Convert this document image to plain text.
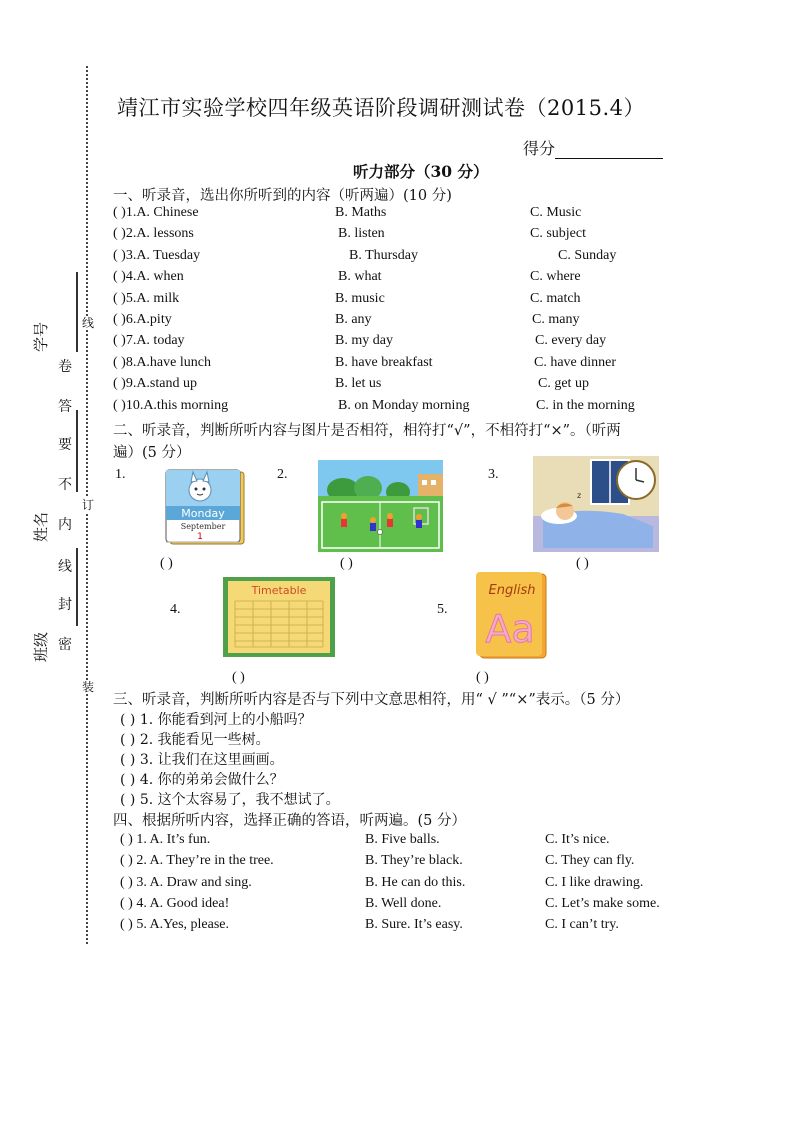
学号
姓名
班级
卷
答
要
不
内
线
封
密
线
订
装
靖江市实验学校四年级英语阶段调研测试卷（2015.4）
得分
听力部分（30 分）
一、听录音，选出你所听到的内容（听两遍）(10 分)
( )1.A. Chinese	B. Maths	C. Music
( )2.A. lessons	B. listen	C. subject
( )3.A. Tuesday	B. Thursday	C. Sunday
( )4.A. when	B. what	C. where
( )5.A. milk	B. music	C. match
( )6.A.pity	B. any	C. many
( )7.A. today	B. my day	C. every day
( )8.A.have lunch	B. have breakfast	C. have dinner
( )9.A.stand up	B. let us	C. get up
( )10.A.this morning	B. on Monday morning	C. in the morning
二、听录音，判断所听内容与图片是否相符，相符打“√”，不相符打“×”。（听两
遍）(5 分）
1.	2.	3.
4.	5.
Monday
September
1
z
( )	( )	( )
Timetable	English
Aa
( )	( )
三、听录音，判断所听内容是否与下列中文意思相符，用“ √ ”“×”表示。（5 分）
( ) 1. 你能看到河上的小船吗？
( ) 2. 我能看见一些树。
( ) 3. 让我们在这里画画。
( ) 4. 你的弟弟会做什么？
( ) 5. 这个太容易了，我不想试了。
四、根据所听内容，选择正确的答语，听两遍。(5 分）
( ) 1. A. It’s fun.	B. Five balls.	C. It’s nice.
( ) 2. A. They’re in the tree.	B. They’re black.	C. They can fly.
( ) 3. A. Draw and sing.	B. He can do this.	C. I like drawing.
( ) 4. A. Good idea!	B. Well done.	C. Let’s make some.
( ) 5. A.Yes, please.	B. Sure. It’s easy.	C. I can’t try.
